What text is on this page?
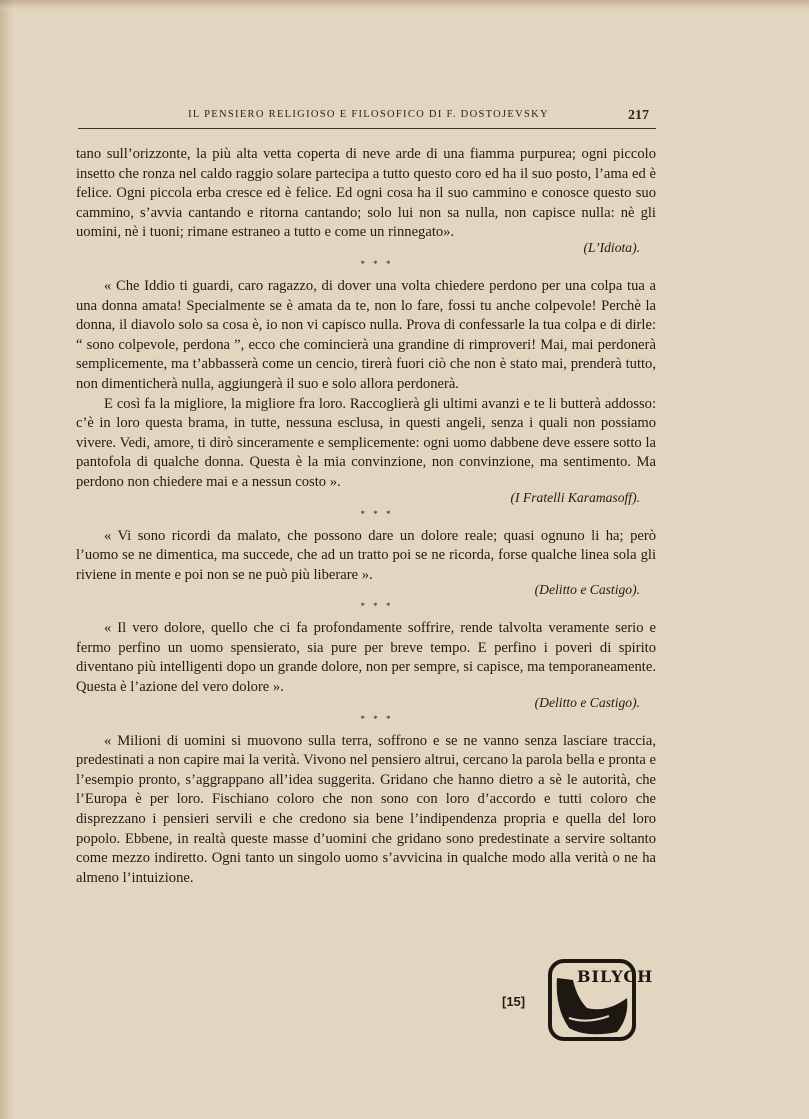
IL PENSIERO RELIGIOSO E FILOSOFICO DI F. DOSTOJEVSKY	217

tano sull’orizzonte, la più alta vetta coperta di neve arde di una fiamma purpurea; ogni piccolo insetto che ronza nel caldo raggio solare partecipa a tutto questo coro ed ha il suo posto, l’ama ed è felice. Ogni piccola erba cresce ed è felice. Ed ogni cosa ha il suo cammino e conosce questo suo cammino, s’avvia cantando e ritorna cantando; solo lui non sa nulla, non capisce nulla: nè gli uomini, nè i tuoni; rimane estraneo a tutto e come un rinnegato».

(L’Idiota).
* * *

« Che Iddio ti guardi, caro ragazzo, di dover una volta chiedere perdono per una colpa tua a una donna amata! Specialmente se è amata da te, non lo fare, fossi tu anche colpevole! Perchè la donna, il diavolo solo sa cosa è, io non vi capisco nulla. Prova di confessarle la tua colpa e di dirle: “ sono colpevole, perdona ”, ecco che comincierà una grandine di rimproveri! Mai, mai perdonerà semplicemente, ma t’abbasserà come un cencio, tirerà fuori ciò che non è stato mai, prenderà tutto, non dimenticherà nulla, aggiungerà il suo e solo allora perdonerà.

E così fa la migliore, la migliore fra loro. Raccoglierà gli ultimi avanzi e te li butterà addosso: c’è in loro questa brama, in tutte, nessuna esclusa, in questi angeli, senza i quali non possiamo vivere. Vedi, amore, ti dirò sinceramente e semplicemente: ogni uomo dabbene deve essere sotto la pantofola di qualche donna. Questa è la mia convinzione, non convinzione, ma sentimento. Ma perdono non chiedere mai e a nessun costo ».

(I Fratelli Karamasoff).
* * *

« Vi sono ricordi da malato, che possono dare un dolore reale; quasi ognuno li ha; però l’uomo se ne dimentica, ma succede, che ad un tratto poi se ne ricorda, forse qualche linea sola gli riviene in mente e poi non se ne può più liberare ».

(Delitto e Castigo).
* * *

« Il vero dolore, quello che ci fa profondamente soffrire, rende talvolta veramente serio e fermo perfino un uomo spensierato, sia pure per breve tempo. E perfino i poveri di spirito diventano più intelligenti dopo un grande dolore, non per sempre, si capisce, ma temporaneamente. Questa è l’azione del vero dolore ».

(Delitto e Castigo).
* * *

« Milioni di uomini si muovono sulla terra, soffrono e se ne vanno senza lasciare traccia, predestinati a non capire mai la verità. Vivono nel pensiero altrui, cercano la parola bella e pronta e l’esempio pronto, s’aggrappano all’idea suggerita. Gridano che hanno dietro a sè le autorità, che l’Europa è per loro. Fischiano coloro che non sono con loro d’accordo e tutti coloro che disprezzano i pensieri servili e che credono sia bene l’indipendenza propria e quella del loro popolo. Ebbene, in realtà queste masse d’uomini che gridano sono predestinate a servire soltanto come mezzo indiretto. Ogni tanto un singolo uomo s’avvicina in qualche modo alla verità o ne ha almeno l’intuizione.

[15]
BILYCH
